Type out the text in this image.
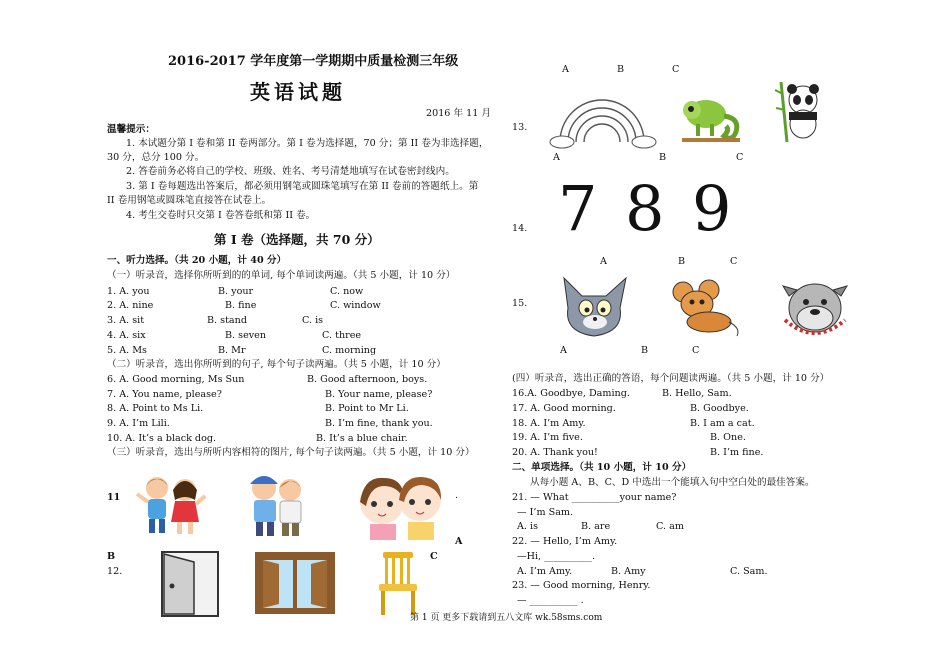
2016-2017 学年度第一学期期中质量检测三年级
英语试题
2016 年 11 月
温馨提示：
1. 本试题分第 I 卷和第 II 卷两部分。第 I 卷为选择题，70 分；第 II 卷为非选择题，
30 分，总分 100 分。
2. 答卷前务必将自己的学校、班级、姓名、考号清楚地填写在试卷密封线内。
3. 第 I 卷每题选出答案后，都必须用钢笔或圆珠笔填写在第 II 卷前的答题纸上。第
II 卷用钢笔或圆珠笔直接答在试卷上。
4. 考生交卷时只交第 I 卷答卷纸和第 II 卷。
第 I 卷（选择题，共 70 分）
一、听力选择。（共 20 小题，计 40 分）
（一）听录音，选择你所听到的的单词, 每个单词读两遍。（共 5 小题，计 10 分）
1. A. you	B. your	C. now
2. A. nine	B. fine	C. window
3. A. sit	B. stand	C. is
4. A. six	B. seven	C. three
5. A. Ms	B. Mr	C. morning
（二）听录音，选出你所听到的句子, 每个句子读两遍。（共 5 小题，计 10 分）
6. A. Good morning, Ms Sun	B. Good afternoon, boys.
7. A. You name, please?	B. Your name, please?
8. A. Point to Ms Li.	B. Point to Mr Li.
9. A. I’m Lili.	B. I’m fine, thank you.
10. A. It’s a black dog.	B. It’s a blue chair.
（三）听录音，选出与所听内容相符的图片, 每个句子读两遍。（共 5 小题，计 10 分）
11	.
A
B	C
12.
A	B	C
13.
A	B	C
7 8 9
14.
A	B	C
15.
A	B	C
(四）听录音，选出正确的答语，每个问题读两遍。（共 5 小题，计 10 分）
16.A. Goodbye, Daming.	B. Hello, Sam.
17. A. Good morning.	B. Goodbye.
18. A. I’m Amy.	B. I am a cat.
19. A. I’m five.	B. One.
20. A. Thank you!	B. I’m fine.
二、单项选择。（共 10 小题，计 10 分）
从每小题 A、B、C、D 中选出一个能填入句中空白处的最佳答案。
21. — What __________your name?
— I’m Sam.
A. is	B. are	C. am
22. — Hello, I’m Amy.
—Hi, __________.
A. I’m Amy.	B. Amy	C. Sam.
23. — Good morning, Henry.
— __________ .
第 1 页 更多下载请到五八文库 wk.58sms.com
